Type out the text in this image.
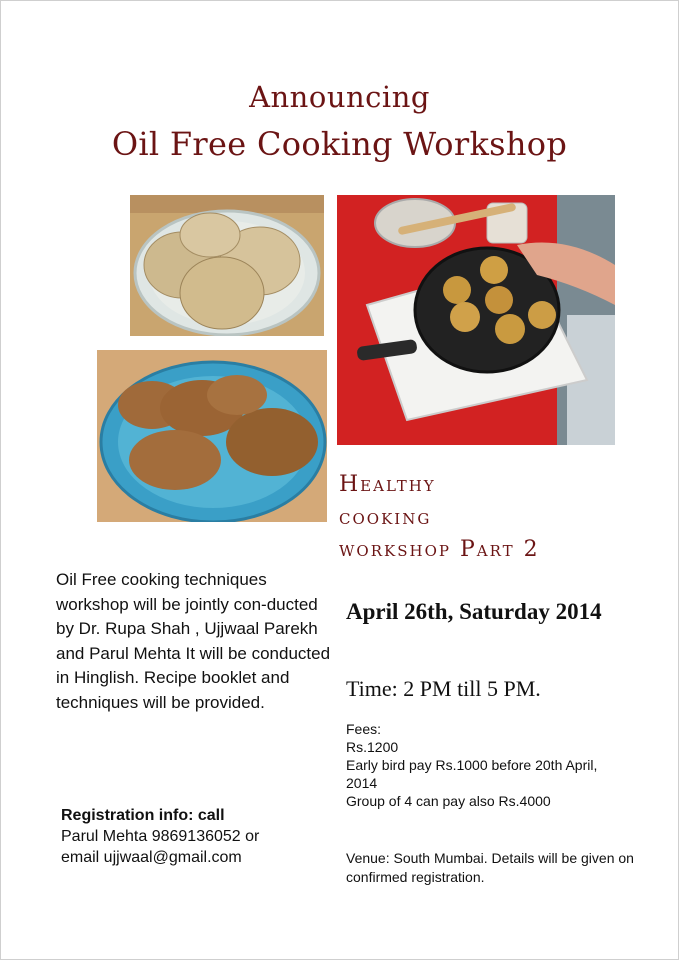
Announcing
Oil Free Cooking Workshop
Healthy
cooking
workshop Part 2
Oil Free cooking techniques workshop will be jointly con-ducted by Dr. Rupa Shah , Ujjwaal Parekh and Parul Mehta It will be conducted in Hinglish. Recipe booklet and techniques will be provided.
Registration info: call
Parul Mehta 9869136052 or
email ujjwaal@gmail.com
April 26th, Saturday 2014
Time: 2 PM till 5 PM.
Fees:
Rs.1200
Early bird pay Rs.1000 before 20th April, 2014
Group of 4 can pay also Rs.4000
Venue: South Mumbai. Details will be given on confirmed registration.
